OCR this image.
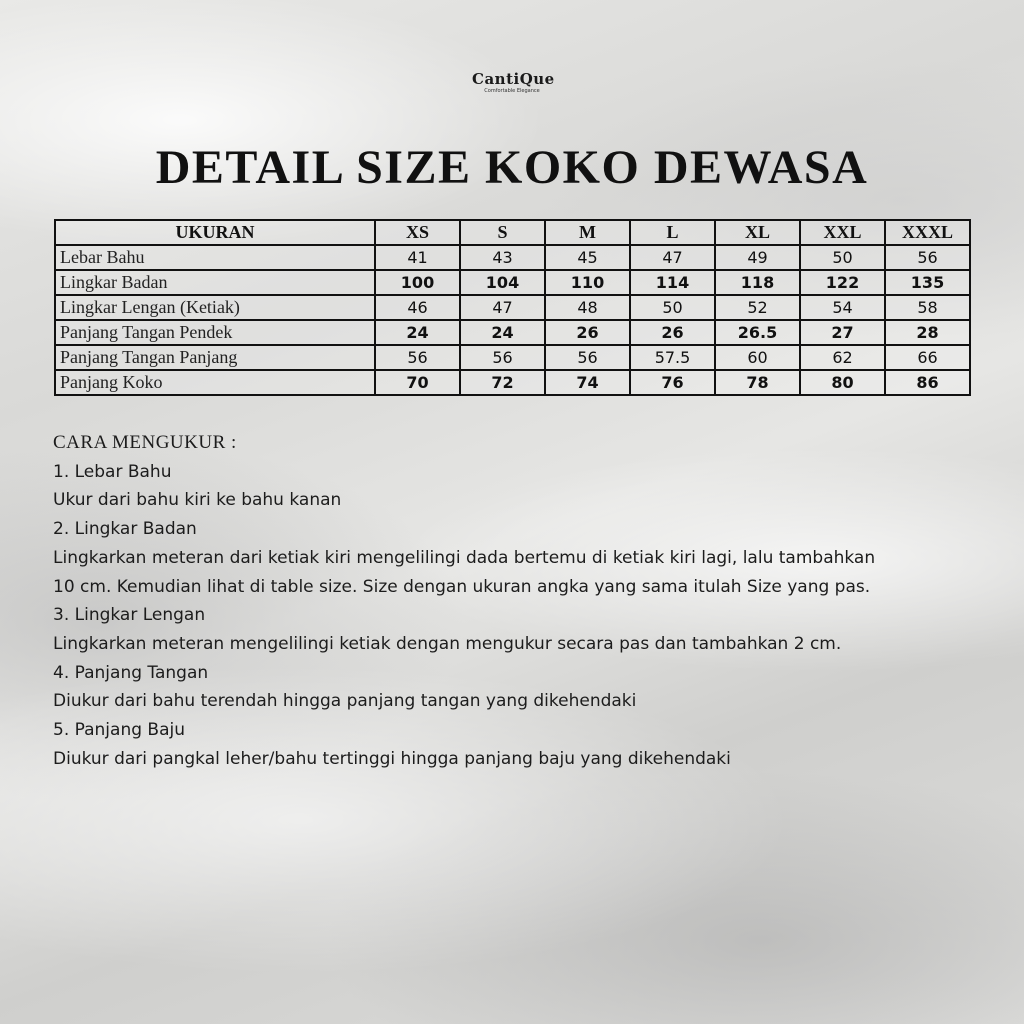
CantiQue
Comfortable Elegance
DETAIL SIZE KOKO DEWASA
UKURAN	XS	S	M	L	XL	XXL	XXXL
Lebar Bahu	41	43	45	47	49	50	56
Lingkar Badan	100	104	110	114	118	122	135
Lingkar Lengan (Ketiak)	46	47	48	50	52	54	58
Panjang Tangan Pendek	24	24	26	26	26.5	27	28
Panjang Tangan Panjang	56	56	56	57.5	60	62	66
Panjang Koko	70	72	74	76	78	80	86
CARA MENGUKUR :
1. Lebar Bahu
Ukur dari bahu kiri ke bahu kanan
2. Lingkar Badan
Lingkarkan meteran dari ketiak kiri mengelilingi dada bertemu di ketiak kiri lagi, lalu tambahkan
10 cm. Kemudian lihat di table size. Size dengan ukuran angka yang sama itulah Size yang pas.
3. Lingkar Lengan
Lingkarkan meteran mengelilingi ketiak dengan mengukur secara pas dan tambahkan 2 cm.
4. Panjang Tangan
Diukur dari bahu terendah hingga panjang tangan yang dikehendaki
5. Panjang Baju
Diukur dari pangkal leher/bahu tertinggi hingga panjang baju yang dikehendaki
